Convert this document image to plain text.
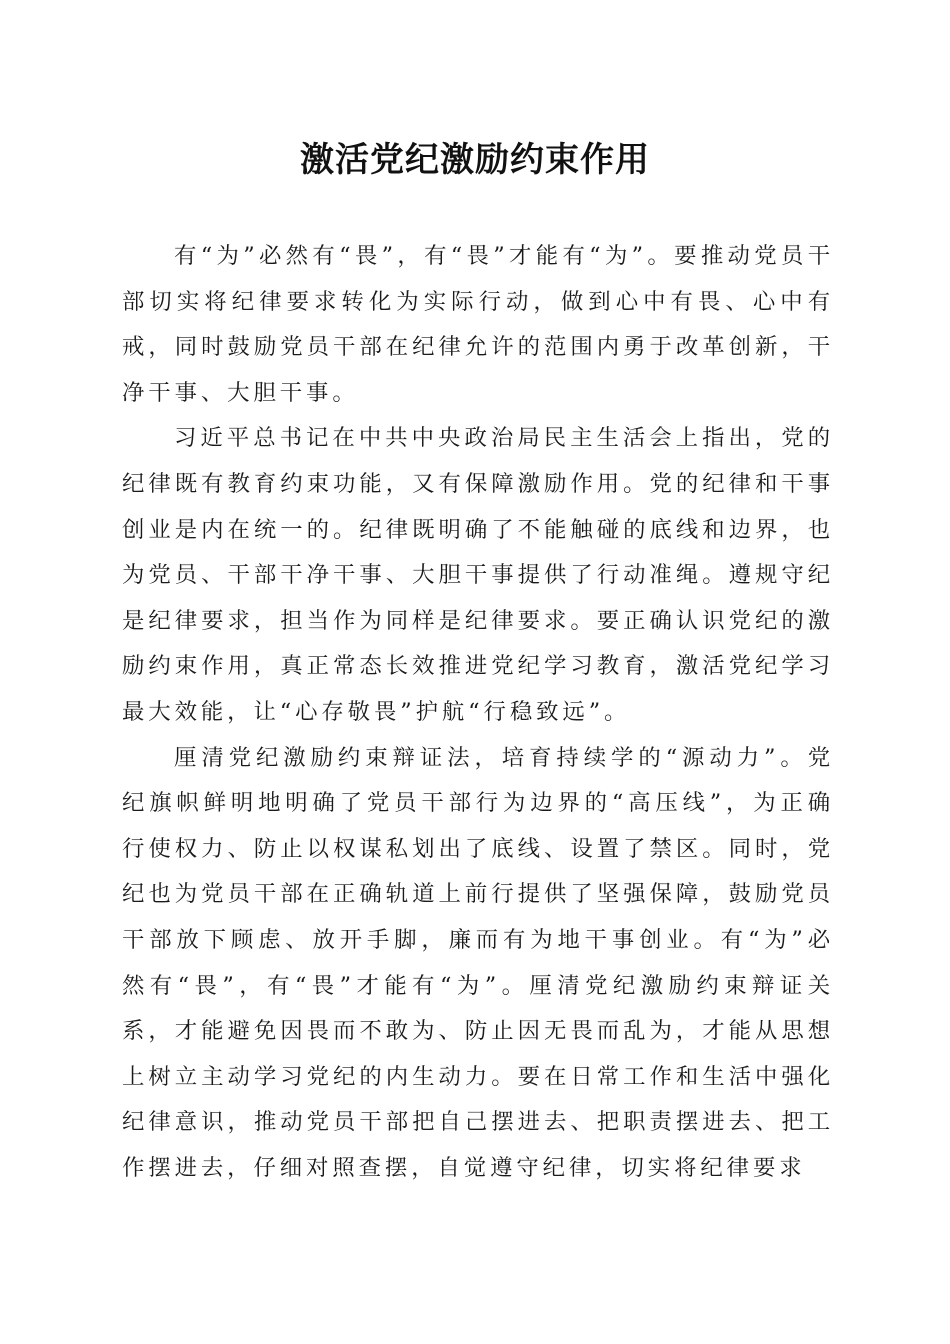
激活党纪激励约束作用

有“为”必然有“畏”，有“畏”才能有“为”。要推动党员干部切实将纪律要求转化为实际行动，做到心中有畏、心中有戒，同时鼓励党员干部在纪律允许的范围内勇于改革创新，干净干事、大胆干事。

习近平总书记在中共中央政治局民主生活会上指出，党的纪律既有教育约束功能，又有保障激励作用。党的纪律和干事创业是内在统一的。纪律既明确了不能触碰的底线和边界，也为党员、干部干净干事、大胆干事提供了行动准绳。遵规守纪是纪律要求，担当作为同样是纪律要求。要正确认识党纪的激励约束作用，真正常态长效推进党纪学习教育，激活党纪学习最大效能，让“心存敬畏”护航“行稳致远”。

厘清党纪激励约束辩证法，培育持续学的“源动力”。党纪旗帜鲜明地明确了党员干部行为边界的“高压线”，为正确行使权力、防止以权谋私划出了底线、设置了禁区。同时，党纪也为党员干部在正确轨道上前行提供了坚强保障，鼓励党员干部放下顾虑、放开手脚，廉而有为地干事创业。有“为”必然有“畏”，有“畏”才能有“为”。厘清党纪激励约束辩证关系，才能避免因畏而不敢为、防止因无畏而乱为，才能从思想上树立主动学习党纪的内生动力。要在日常工作和生活中强化纪律意识，推动党员干部把自己摆进去、把职责摆进去、把工作摆进去，仔细对照查摆，自觉遵守纪律，切实将纪律要求
